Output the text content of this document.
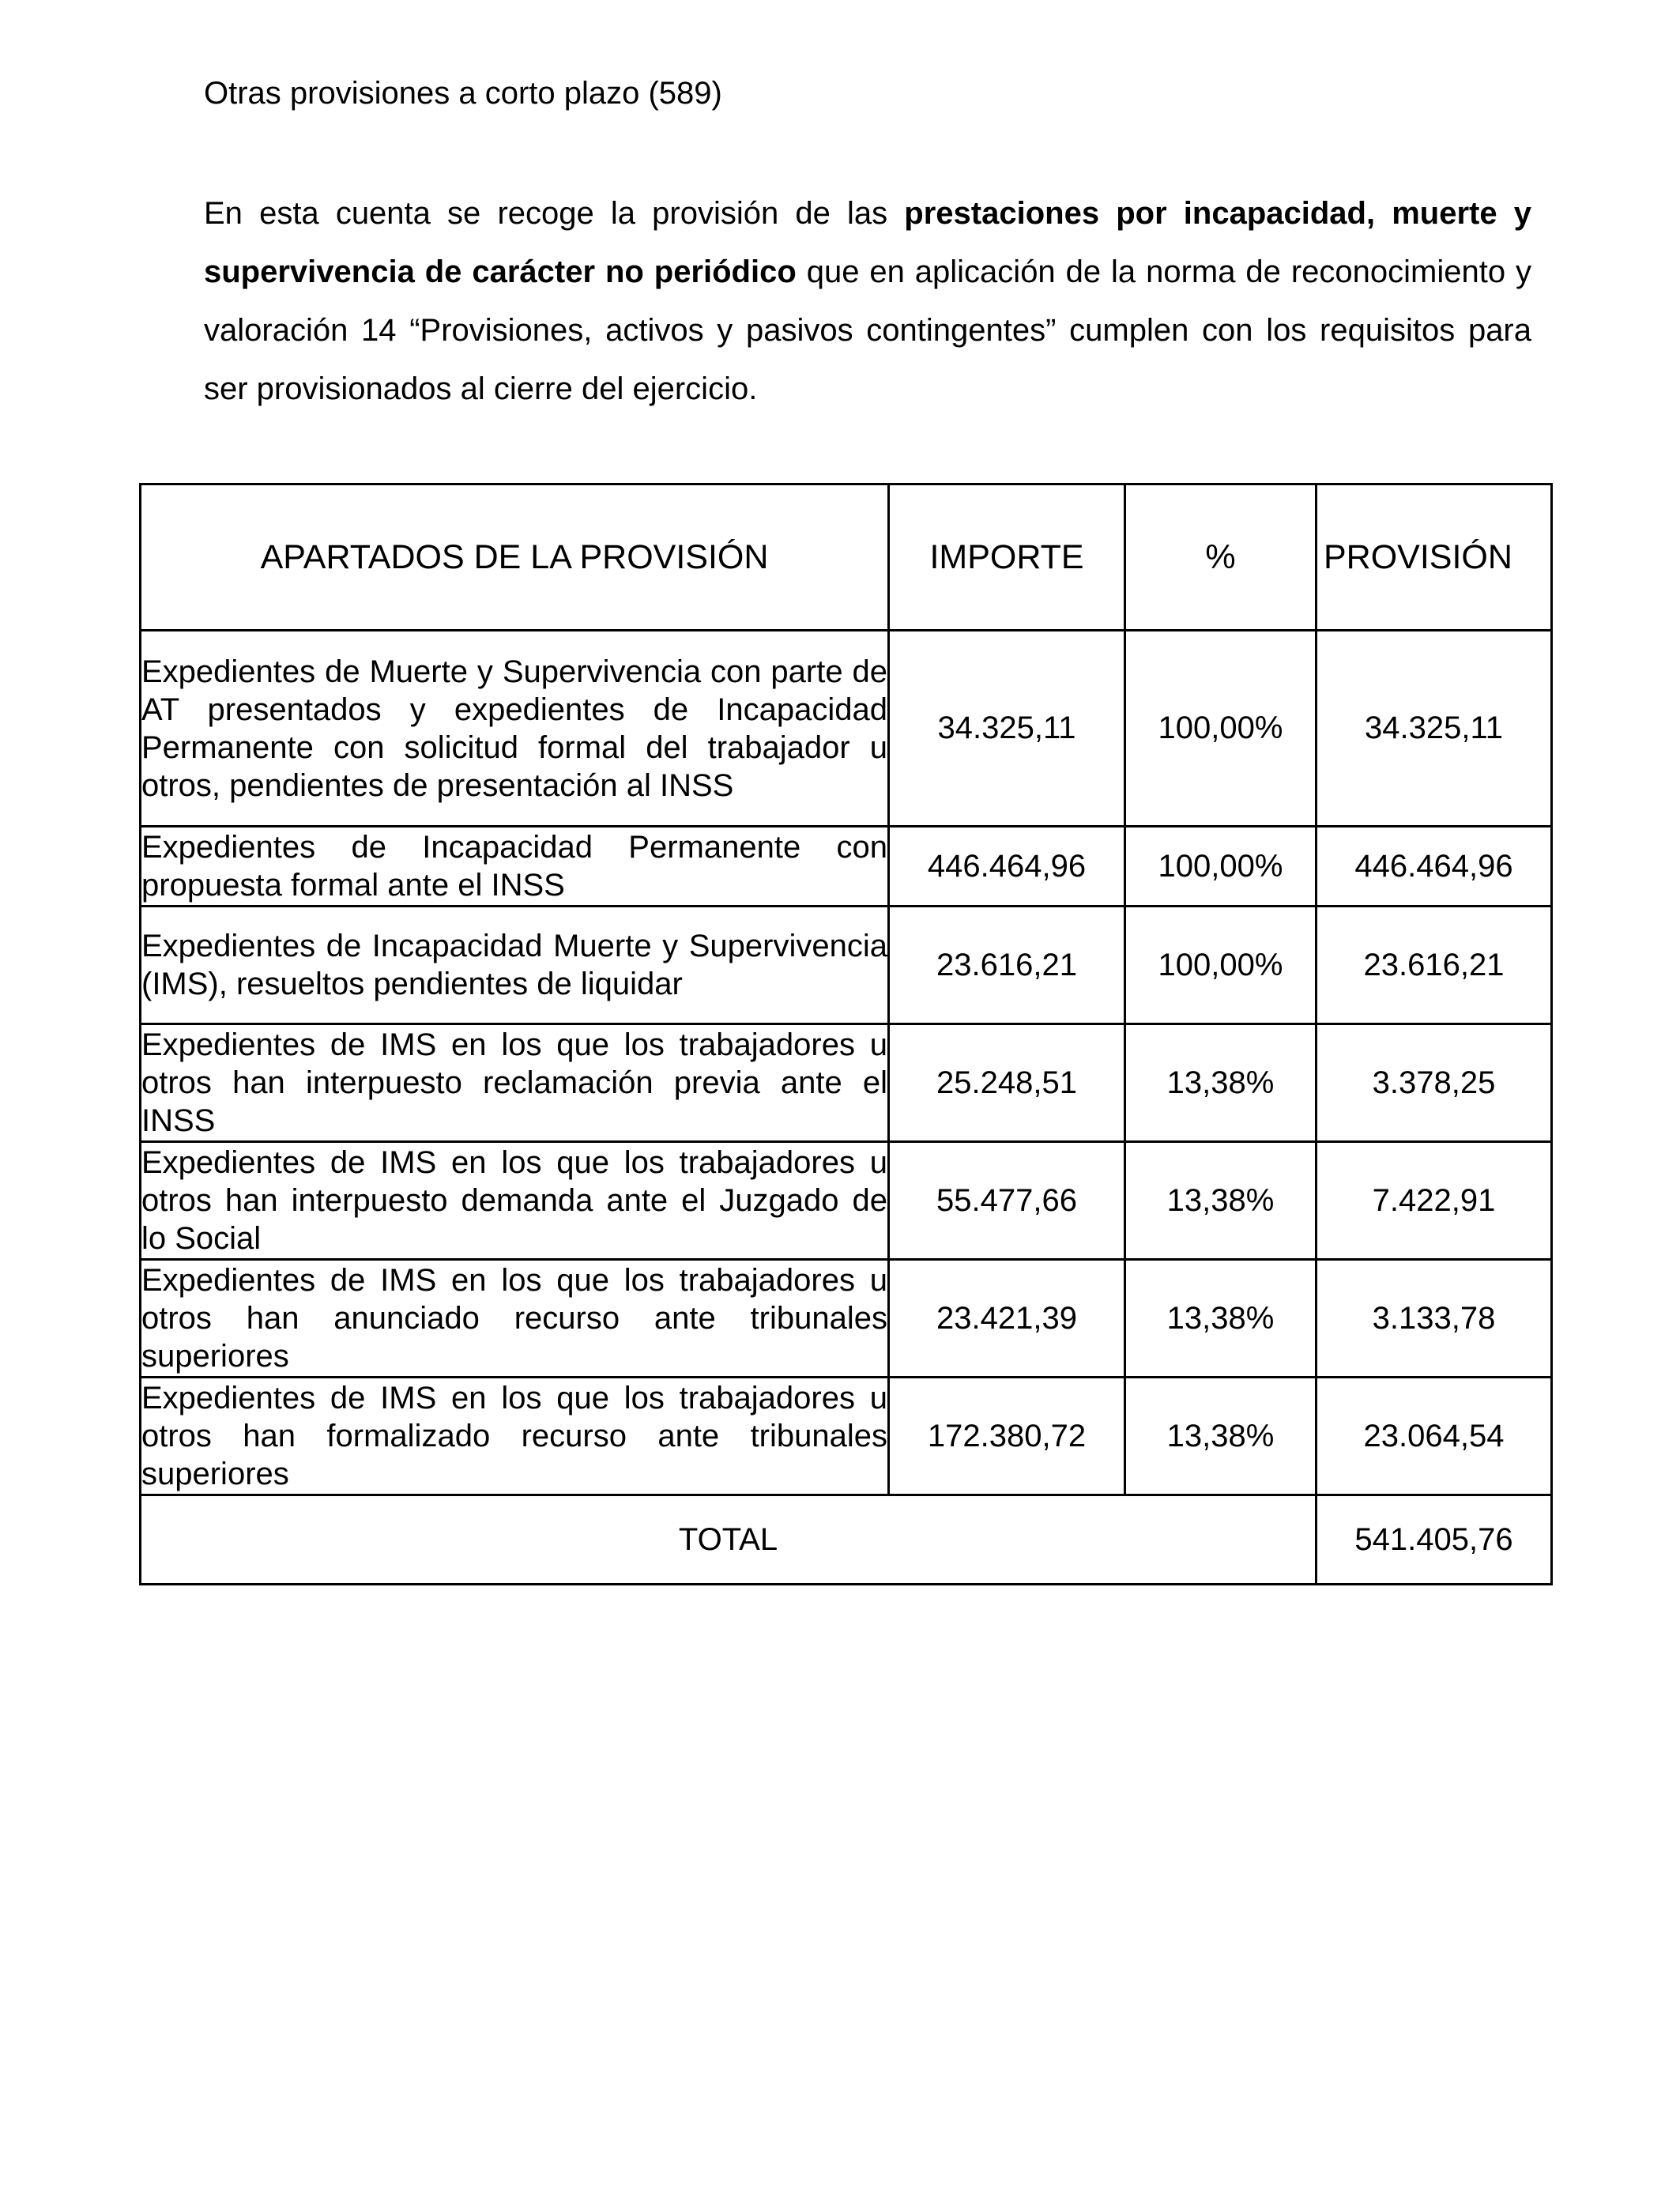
Otras provisiones a corto plazo (589)

En esta cuenta se recoge la provisión de las prestaciones por incapacidad, muerte y supervivencia de carácter no periódico que en aplicación de la norma de reconocimiento y valoración 14 “Provisiones, activos y pasivos contingentes” cumplen con los requisitos para ser provisionados al cierre del ejercicio.

APARTADOS DE LA PROVISIÓN	IMPORTE	%	PROVISIÓN
Expedientes de Muerte y Supervivencia con parte de AT presentados y expedientes de Incapacidad Permanente con solicitud formal del trabajador u otros, pendientes de presentación al INSS	34.325,11	100,00%	34.325,11
Expedientes de Incapacidad Permanente con propuesta formal ante el INSS	446.464,96	100,00%	446.464,96
Expedientes de Incapacidad Muerte y Supervivencia (IMS), resueltos pendientes de liquidar	23.616,21	100,00%	23.616,21
Expedientes de IMS en los que los trabajadores u otros han interpuesto reclamación previa ante el INSS	25.248,51	13,38%	3.378,25
Expedientes de IMS en los que los trabajadores u otros han interpuesto demanda ante el Juzgado de lo Social	55.477,66	13,38%	7.422,91
Expedientes de IMS en los que los trabajadores u otros han anunciado recurso ante tribunales superiores	23.421,39	13,38%	3.133,78
Expedientes de IMS en los que los trabajadores u otros han formalizado recurso ante tribunales superiores	172.380,72	13,38%	23.064,54
TOTAL			541.405,76
